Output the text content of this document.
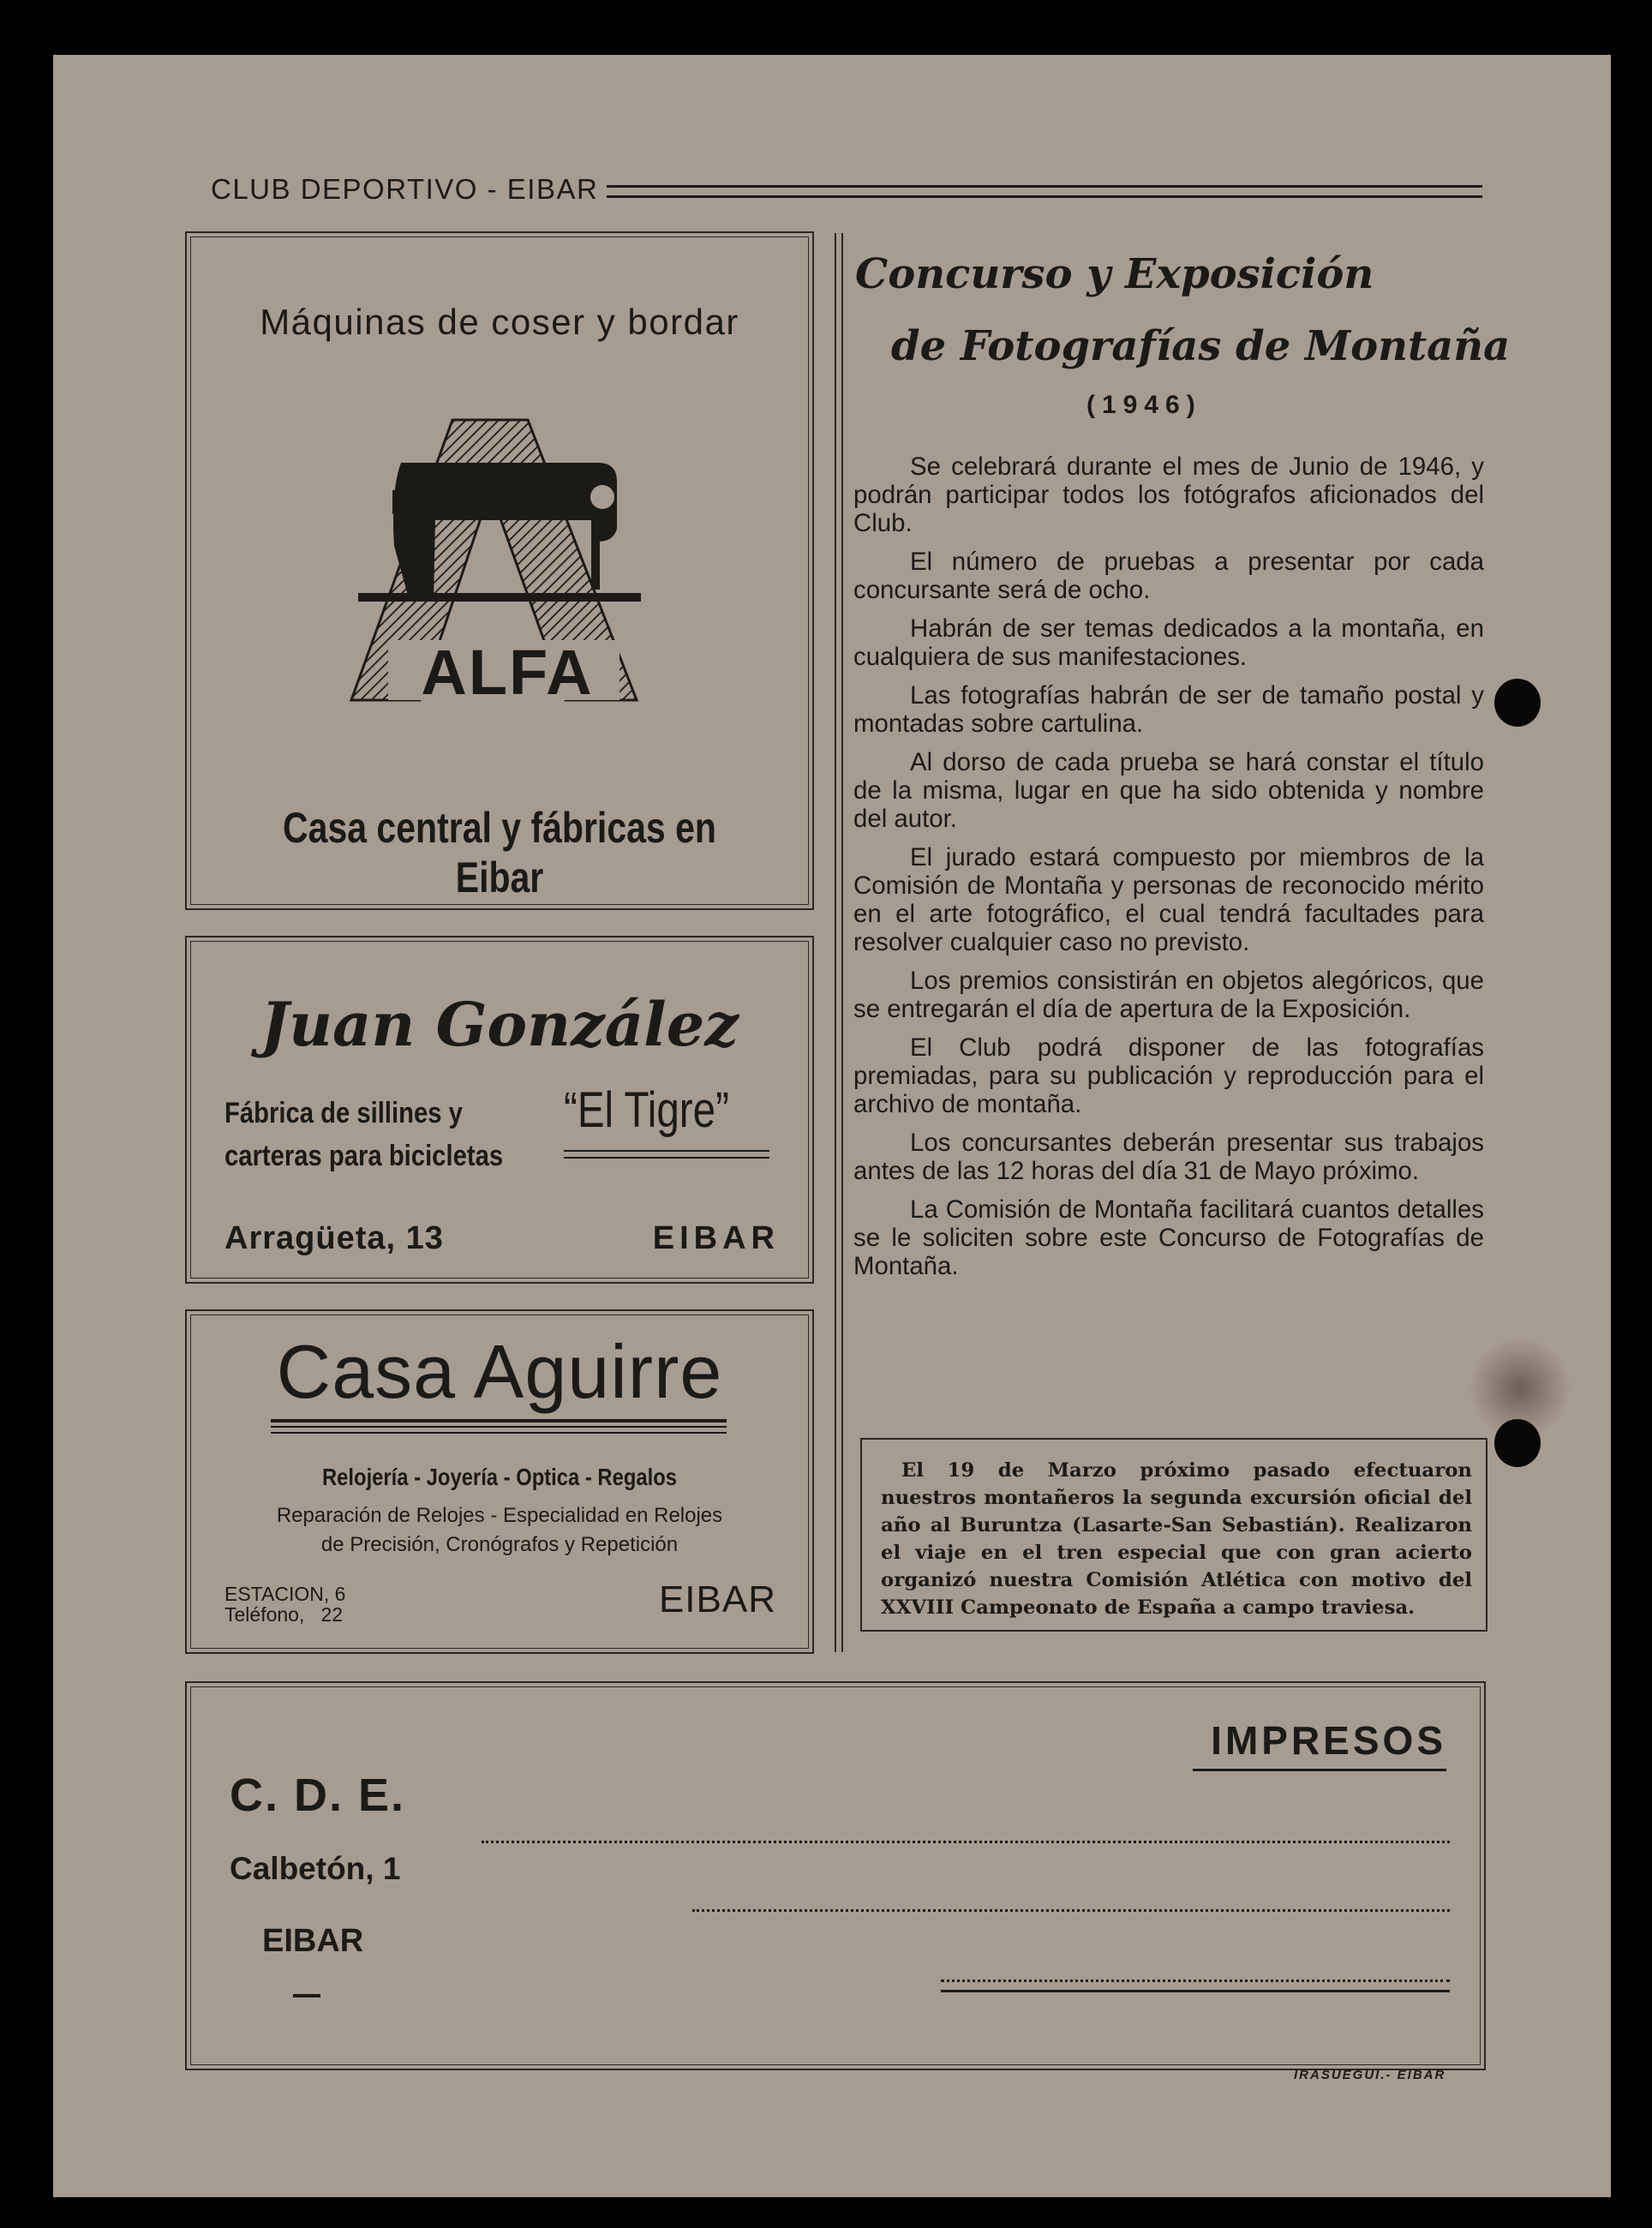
CLUB DEPORTIVO - EIBAR
Máquinas de coser y bordar
ALFA
Casa central y fábricas en Eibar
Juan González
Fábrica de sillines y
carteras para bicicletas
“El Tigre”
Arragüeta, 13	EIBAR
Casa Aguirre
Relojería - Joyería - Optica - Regalos
Reparación de Relojes - Especialidad en Relojes
de Precisión, Cronógrafos y Repetición
ESTACION, 6
Teléfono,   22	EIBAR
Concurso y Exposición
de Fotografías de Montaña
(1946)

Se celebrará durante el mes de Junio de 1946, y podrán participar todos los fotógrafos aficionados del Club.

El número de pruebas a presentar por cada concursante será de ocho.

Habrán de ser temas dedicados a la montaña, en cualquiera de sus manifestaciones.

Las fotografías habrán de ser de tamaño postal y montadas sobre cartulina.

Al dorso de cada prueba se hará constar el título de la misma, lugar en que ha sido obtenida y nombre del autor.

El jurado estará compuesto por miembros de la Comisión de Montaña y personas de reconocido mérito en el arte fotográfico, el cual tendrá facultades para resolver cualquier caso no previsto.

Los premios consistirán en objetos alegóricos, que se entregarán el día de apertura de la Exposición.

El Club podrá disponer de las fotografías premiadas, para su publicación y reproducción para el archivo de montaña.

Los concursantes deberán presentar sus trabajos antes de las 12 horas del día 31 de Mayo próximo.

La Comisión de Montaña facilitará cuantos detalles se le soliciten sobre este Concurso de Fotografías de Montaña.

El 19 de Marzo próximo pasado efectuaron nuestros montañeros la segunda excursión oficial del año al Buruntza (Lasarte-San Sebastián). Realizaron el viaje en el tren especial que con gran acierto organizó nuestra Comisión Atlética con motivo del XXVIII Campeonato de España a campo traviesa.

IMPRESOS
C. D. E.
Calbetón, 1
EIBAR
IRASUEGUI.- EIBAR
